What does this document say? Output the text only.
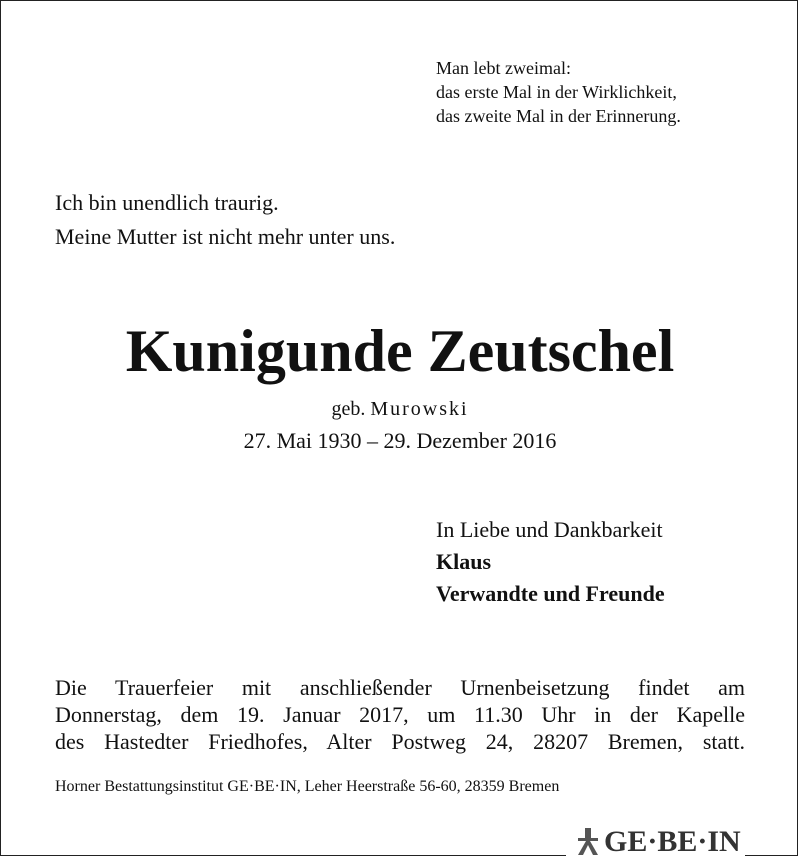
Man lebt zweimal:
das erste Mal in der Wirklichkeit,
das zweite Mal in der Erinnerung.
Ich bin unendlich traurig.
Meine Mutter ist nicht mehr unter uns.
Kunigunde Zeutschel
geb. Murowski
27. Mai 1930 – 29. Dezember 2016
In Liebe und Dankbarkeit
Klaus
Verwandte und Freunde
Die Trauerfeier mit anschließender Urnenbeisetzung findet am
Donnerstag, dem 19. Januar 2017, um 11.30 Uhr in der Kapelle
des Hastedter Friedhofes, Alter Postweg 24, 28207 Bremen, statt.
Horner Bestattungsinstitut GE·BE·IN, Leher Heerstraße 56-60, 28359 Bremen
GE·BE·IN
